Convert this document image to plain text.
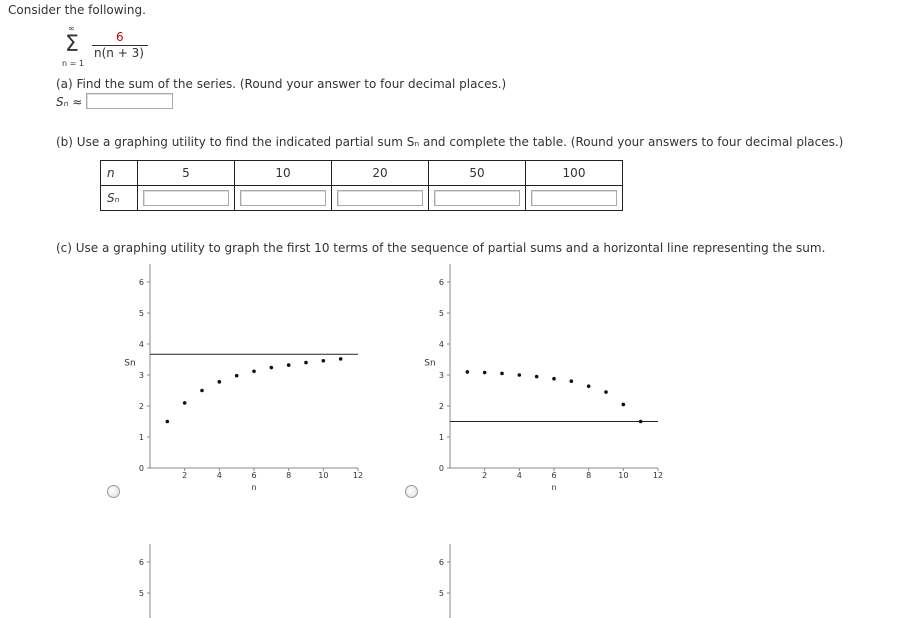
Consider the following.
∞
Σ
n = 1
6
n(n + 3)
(a) Find the sum of the series. (Round your answer to four decimal places.)
Sₙ ≈
(b) Use a graphing utility to find the indicated partial sum Sₙ and complete the table. (Round your answers to four decimal places.)
n	5	10	20	50	100
Sₙ					
(c) Use a graphing utility to graph the first 10 terms of the sequence of partial sums and a horizontal line representing the sum.
0
1
2
3
4
5
6
2	4	6	8	10	12
Sn
n
0
1
2
3
4
5
6
2	4	6	8	10	12
Sn
n
6
5
6
5
